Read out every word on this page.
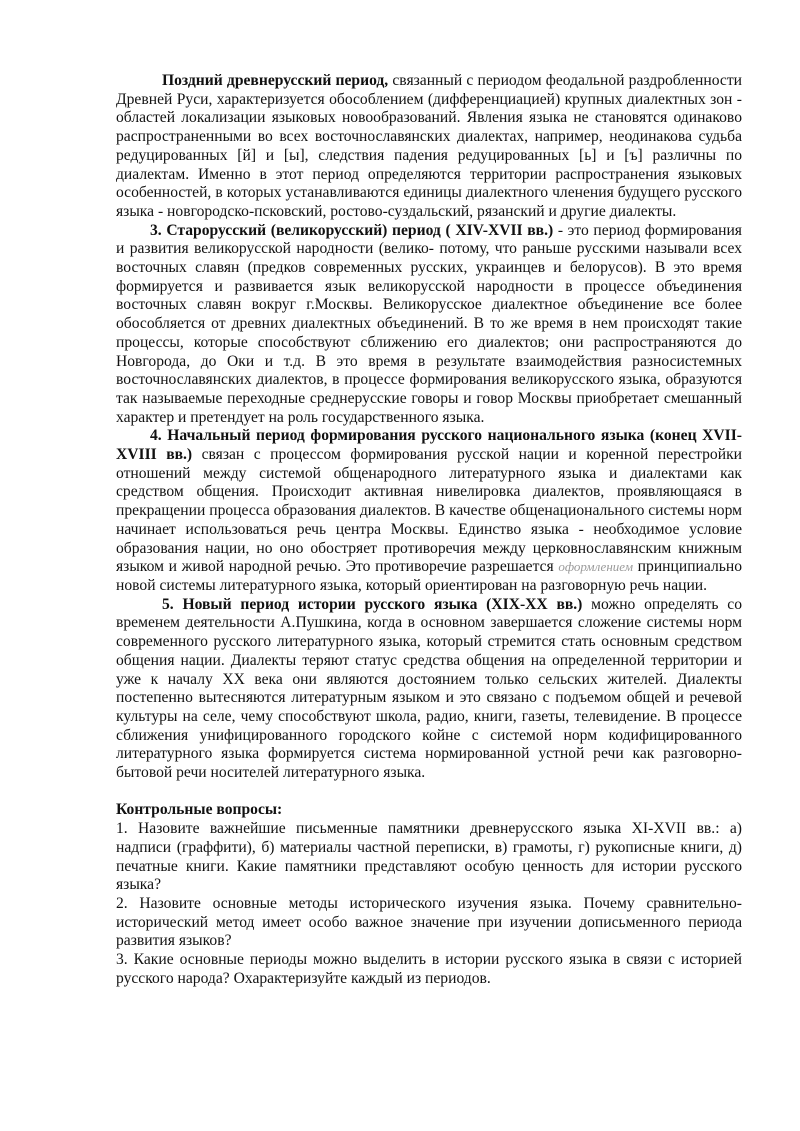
Поздний древнерусский период, связанный с периодом феодальной раздробленности Древней Руси, характеризуется обособлением (дифференциацией) крупных диалектных зон - областей локализации языковых новообразований. Явления языка не становятся одинаково распространенными во всех восточнославянских диалектах, например, неодинакова судьба редуцированных [й] и [ы], следствия падения редуцированных [ь] и [ъ] различны по диалектам. Именно в этот период определяются территории распространения языковых особенностей, в которых устанавливаются единицы диалектного членения будущего русского языка - новгородско-псковский, ростово-суздальский, рязанский и другие диалекты.

3. Старорусский (великорусский) период ( XIV-XVII вв.) - это период формирования и развития великорусской народности (велико- потому, что раньше русскими называли всех восточных славян (предков современных русских, украинцев и белорусов). В это время формируется и развивается язык великорусской народности в процессе объединения восточных славян вокруг г.Москвы. Великорусское диалектное объединение все более обособляется от древних диалектных объединений. В то же время в нем происходят такие процессы, которые способствуют сближению его диалектов; они распространяются до Новгорода, до Оки и т.д. В это время в результате взаимодействия разносистемных восточнославянских диалектов, в процессе формирования великорусского языка, образуются так называемые переходные среднерусские говоры и говор Москвы приобретает смешанный характер и претендует на роль государственного языка.

4. Начальный период формирования русского национального языка (конец XVII-XVIII вв.) связан с процессом формирования русской нации и коренной перестройки отношений между системой общенародного литературного языка и диалектами как средством общения. Происходит активная нивелировка диалектов, проявляющаяся в прекращении процесса образования диалектов. В качестве общенационального системы норм начинает использоваться речь центра Москвы. Единство языка - необходимое условие образования нации, но оно обостряет противоречия между церковнославянским книжным языком и живой народной речью. Это противоречие разрешается оформлением принципиально новой системы литературного языка, который ориентирован на разговорную речь нации.

5. Новый период истории русского языка (XIX-XX вв.) можно определять со временем деятельности А.Пушкина, когда в основном завершается сложение системы норм современного русского литературного языка, который стремится стать основным средством общения нации. Диалекты теряют статус средства общения на определенной территории и уже к началу XX века они являются достоянием только сельских жителей. Диалекты постепенно вытесняются литературным языком и это связано с подъемом общей и речевой культуры на селе, чему способствуют школа, радио, книги, газеты, телевидение. В процессе сближения унифицированного городского койне с системой норм кодифицированного литературного языка формируется система нормированной устной речи как разговорно-бытовой речи носителей литературного языка.

Контрольные вопросы:

1. Назовите важнейшие письменные памятники древнерусского языка XI-XVII вв.: а) надписи (граффити), б) материалы частной переписки, в) грамоты, г) рукописные книги, д) печатные книги. Какие памятники представляют особую ценность для истории русского языка?

2. Назовите основные методы исторического изучения языка. Почему сравнительно-исторический метод имеет особо важное значение при изучении дописьменного периода развития языков?

3. Какие основные периоды можно выделить в истории русского языка в связи с историей русского народа? Охарактеризуйте каждый из периодов.
